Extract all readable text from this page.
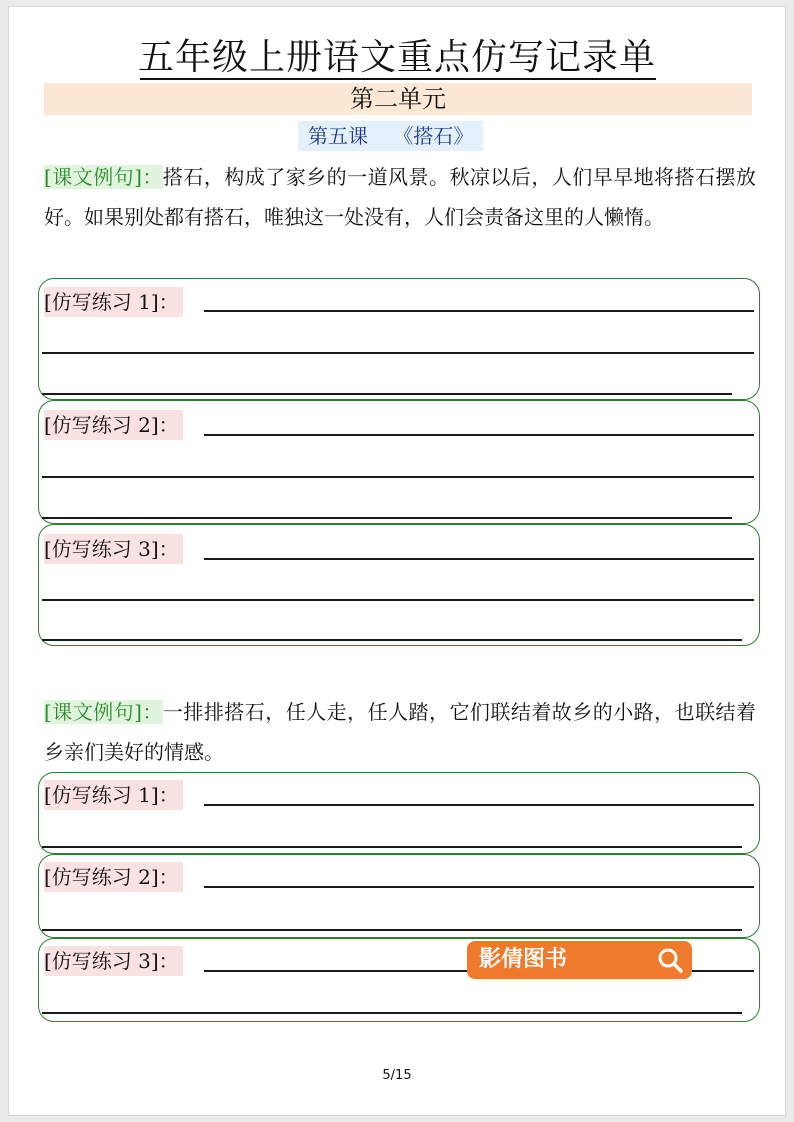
五年级上册语文重点仿写记录单
第二单元
第五课    《搭石》
[课文例句]：搭石，构成了家乡的一道风景。秋凉以后，人们早早地将搭石摆放好。如果别处都有搭石，唯独这一处没有，人们会责备这里的人懒惰。
[仿写练习 1]：
[仿写练习 2]：
[仿写练习 3]：
[课文例句]：一排排搭石，任人走，任人踏，它们联结着故乡的小路，也联结着乡亲们美好的情感。
[仿写练习 1]：
[仿写练习 2]：
[仿写练习 3]：	影倩图书
5/15
